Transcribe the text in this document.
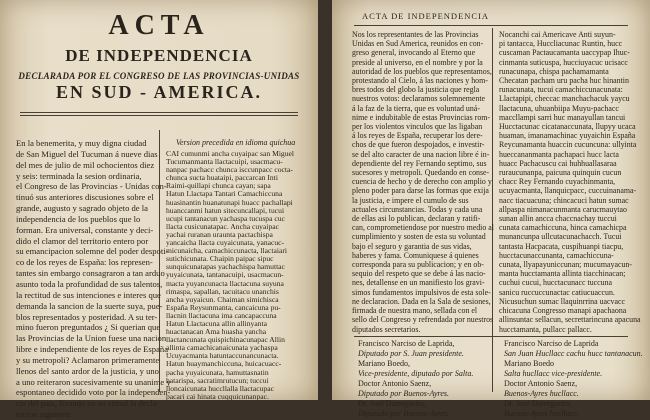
ACTA
DE INDEPENDENCIA
DECLARADA POR EL CONGRESO DE LAS PROVINCIAS-UNIDAS
EN SUD - AMERICA.
Version precedida en idioma quichua
En la benemerita, y muy digna ciudad
de San Miguel del Tucuman á nueve dias
del mes de julio de mil ochocientos diez
y seis: terminada la sesion ordinaria,
el Congreso de las Provincias - Unidas con-
tinuó sus anteriores discusiones sobre el
grande, augusto y sagrado objeto de la
independencia de los pueblos que lo
forman. Era universal, constante y deci-
dido el clamor del territorio entero por
su emancipacion solemne del poder despoti-
co de los reyes de España: los represen-
tantes sin embargo consagraron a tan arduo
asunto toda la profundidad de sus talentos,
la rectitud de sus intenciones e interes que
demanda la sancion de la suerte suya, pue-
blos representados y posteridad. A su ter-
mino fueron preguntados ¿ Si querian que
las Provincias de la Union fuese una nacion
libre e independiente de los reyes de España
y su metropoli? Aclamaron primeramente
llenos del santo ardor de la justicia, y uno
a uno reiteraron sucesivamente su unanime y
espontaneo decidido voto por la independen-
cia del pais, fixando en su virtud la decla-
racion siguiente
CAI cumunmi ancha cuyaipac san Miguel
Tucumanmanta llactacuipi, usacmacu-
nanpac pachacc chunca isccunpacc cocta-
chunca sucta huataipi, paccarcan Inti
Raimi-quillapi chunca cayan; sapa
Hatun Llactapa Tantari Camachiccuna
huasinantin huanatunapi huacc pachallapi
huanccanmi hatun sitecuncallapi, tucui
ucupi tantanacun yachaspa tucuspa cuc
llacta cusicunatapac. Ancha cuyaipac
yachai ruranan uraunta pactachispa
yancaicha llacta cuyaicunata, yanacuc-
micunaicha, camachiccunacta, llactaiari
sutichicunata. Chaipin paipac sipuc
sunquicunatapas yachachispa hamuttac
yuyaicunata, tantanacuipi, usacmacun-
macta yuyancunacta llactacuna suyuna
rimaspa, sapallan, tacuitacu unanchis
ancha yuyaicun. Chaiman simichisca
España Reysunmanta, cancaicuna pu-
llacnin llactacuna ima cancapaccuna
Hatun Llactacuna allin allinyanta
huactanacan Ama huasha yancha
llactancunata quispichinacunapac Allin
allinta camachicanaicunata yachaspa
Ucuyacmanta hatuntaccunancunacta.
Hatun huaymanchiccuna, huicacuacc-
pacha yuyaicunata, hamuttasnatin
hatarispa, sacratimrutucun; tuccui
lloncaicunata huccllalla llactacupac
pacari cai hinata cuqquicunanpac.
ACTA DE INDEPENDENCIA
Nos los representantes de las Provincias
Unidas en Sud America, reunidos en con-
greso general, invocando al Eterno que
preside al universo, en el nombre y por la
autoridad de los pueblos que representamos,
protestando al Cielo, á las naciones y hom-
bres todos del globo la justicia que regla
nuestros votos: declaramos solemnemente
á la faz de la tierra, que es voluntad uná-
nime e indubitable de estas Provincias rom-
per los violentos vinculos que las ligaban
á los reyes de España, recuperar los dere-
chos de que fueron despojados, e investir-
se del alto caracter de una nacion libre é in-
dependiente del rey Fernando septimo, sus
sucesores y metropoli. Quedando en conse-
cuencia de hecho y de derecho con amplio y
pleno poder para darse las formas que exija
la justicia, e impere el cumulo de sus
actuales circunstancias. Todas y cada una
de ellas asi lo publican, declaran y ratifi-
can, comprometiendose por nuestro medio al
cumplimiento y sosten de esta su voluntad
bajo el seguro y garantia de sus vidas,
haberes y fama. Comuniquese á quienes
corresponda para su publicacion; y en ob-
sequio del respeto que se debe á las nacio-
nes, detallense en un manifiesto los gravi-
simos fundamentos impulsivos de esta sole-
ne declaracion. Dada en la Sala de sesiones,
firmada de nuestra mano, sellada con el
sello del Congreso y refrendada por nuestros
diputados secretarios.
Nocanchi cai Americave Anti suyun-
pi tantacca, Huccliacunac Runtin, hucc
cuscaman Pactaucamanta uaccypap Ihuc-
cinmanta suticuspa, hucciuyacuc ucisacc
runacunapa, chispa pachamamanta
Checatan pacham uru pacha huc hinantin
runacunata, tucui camachiccunacunata:
Llactapipi, checcac manchachacuk yaycu
llactacuna, uhuanbiipa Muyu-pachacc
maccllampi sarri huc manayullan tancui
Hucctacunac cicatanaccunata, llupyy ucaca
huaman, imanamachinac yuyaichin España
Reycunamanta huaccin cucuncuna: ullyinta
hueccananmanta pachapaci hucc lacta
huacc Pachacuscu cai huhhuallasaraa
ruraucunanpa, paicuna quinquin cucun
chacc Rey Fernando cuyachinmanta,
ucuyacmanta, llanquicpacc, cuccuinanama-
nacc tiacuacuna; chincacuci hatun sumac
allpaspa nimanacunmanta carucmauytao
sunan allin ancca chaccnachay tuccui
cunata camachiccuna, hinca camachicpa
munancunpa ullcutacunachacch. Tucui
tantasta Hacpacata, cuspihuanpi tiacpu,
hucctacunaccunanta, camachiccuna-
cunata, llyapayuniccunan; mucumayacun-
manta hucctamanta allinta tiacchinacan;
cuchui cucui, hucctacunacc tuccuna
sanicu ruccuccunactac catiucuaccun.
Nicusuchun sumac llaquinrrina uacvacc
chicacuna Congresso manapi apachaona
allinsuntac sellacun, secrettarincuna apacuna
hucctamanta, pullacc pallacc.
Francisco Narciso de Laprida,
Diputado por S. Juan presidente.
Mariano Boedo,
Vice-presidente, diputado por Salta.
Doctor Antonio Saenz,
Diputado por Buenos-Ayres.
Dr. José Darregueira,
Diputado por Buenos-Ayres.
Francisco Narciso de Laprida
San Juan Hucllacc cachu hucc tantanacun.
Mariano Boedo
Salta hucllacc vice-presidente.
Doctor Antonio Saenz,
Buenos-Ayres hucllacc.
Dr. José Darregueira,
Buenos-Ayres hucllacc.
